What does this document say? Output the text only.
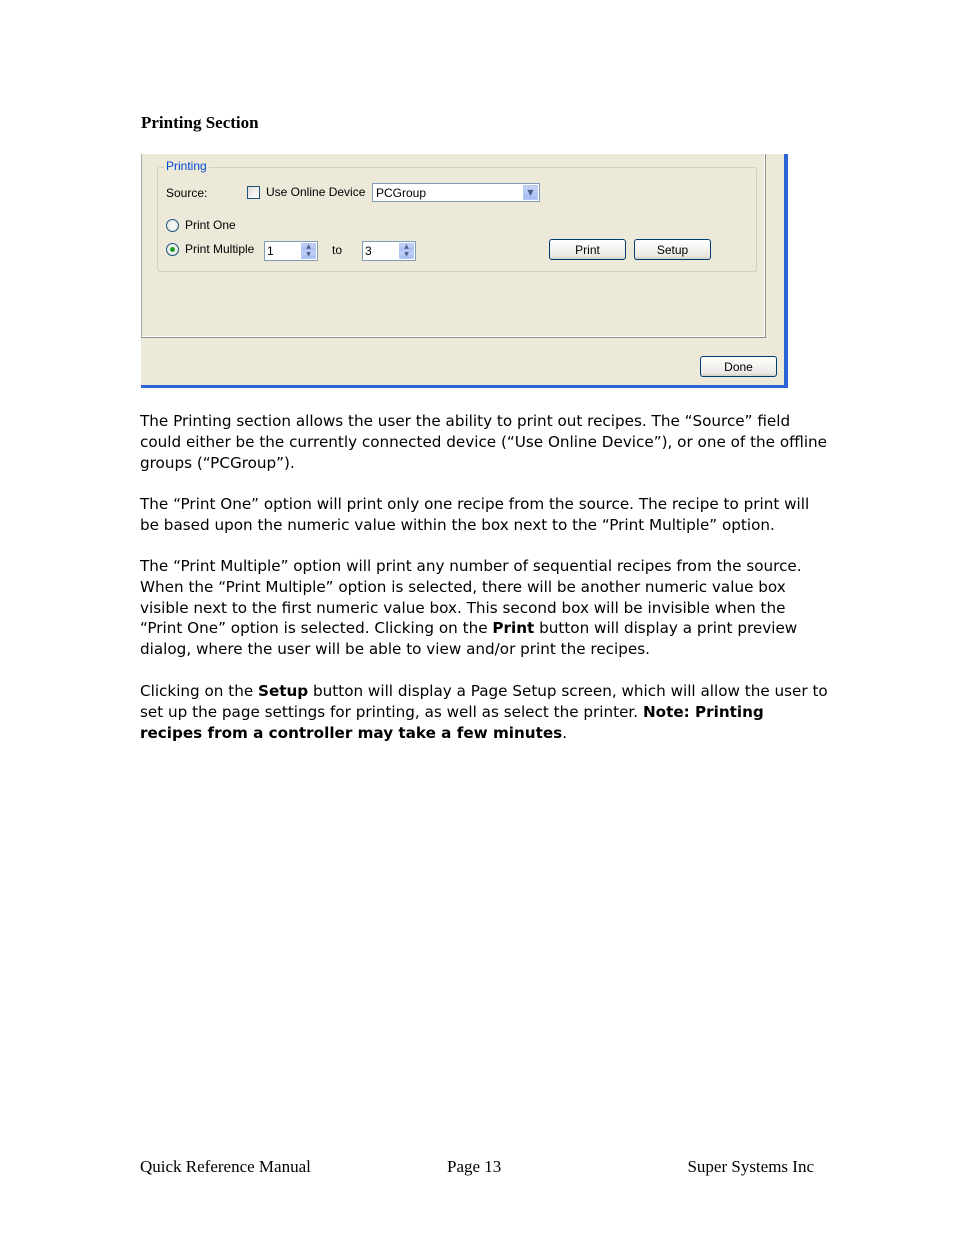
Printing Section
Printing
Source:	Use Online Device PCGroup	▼
Print One
Print Multiple 1	▲
▼	to 3	▲
▼	Print	Setup
Done

The Printing section allows the user the ability to print out recipes. The “Source” field could either be the currently connected device (“Use Online Device”), or one of the offline groups (“PCGroup”).

The “Print One” option will print only one recipe from the source. The recipe to print will be based upon the numeric value within the box next to the “Print Multiple” option.

The “Print Multiple” option will print any number of sequential recipes from the source. When the “Print Multiple” option is selected, there will be another numeric value box visible next to the first numeric value box. This second box will be invisible when the “Print One” option is selected. Clicking on the Print button will display a print preview dialog, where the user will be able to view and/or print the recipes.

Clicking on the Setup button will display a Page Setup screen, which will allow the user to set up the page settings for printing, as well as select the printer. Note: Printing recipes from a controller may take a few minutes.

Quick Reference Manual	Page 13	Super Systems Inc
